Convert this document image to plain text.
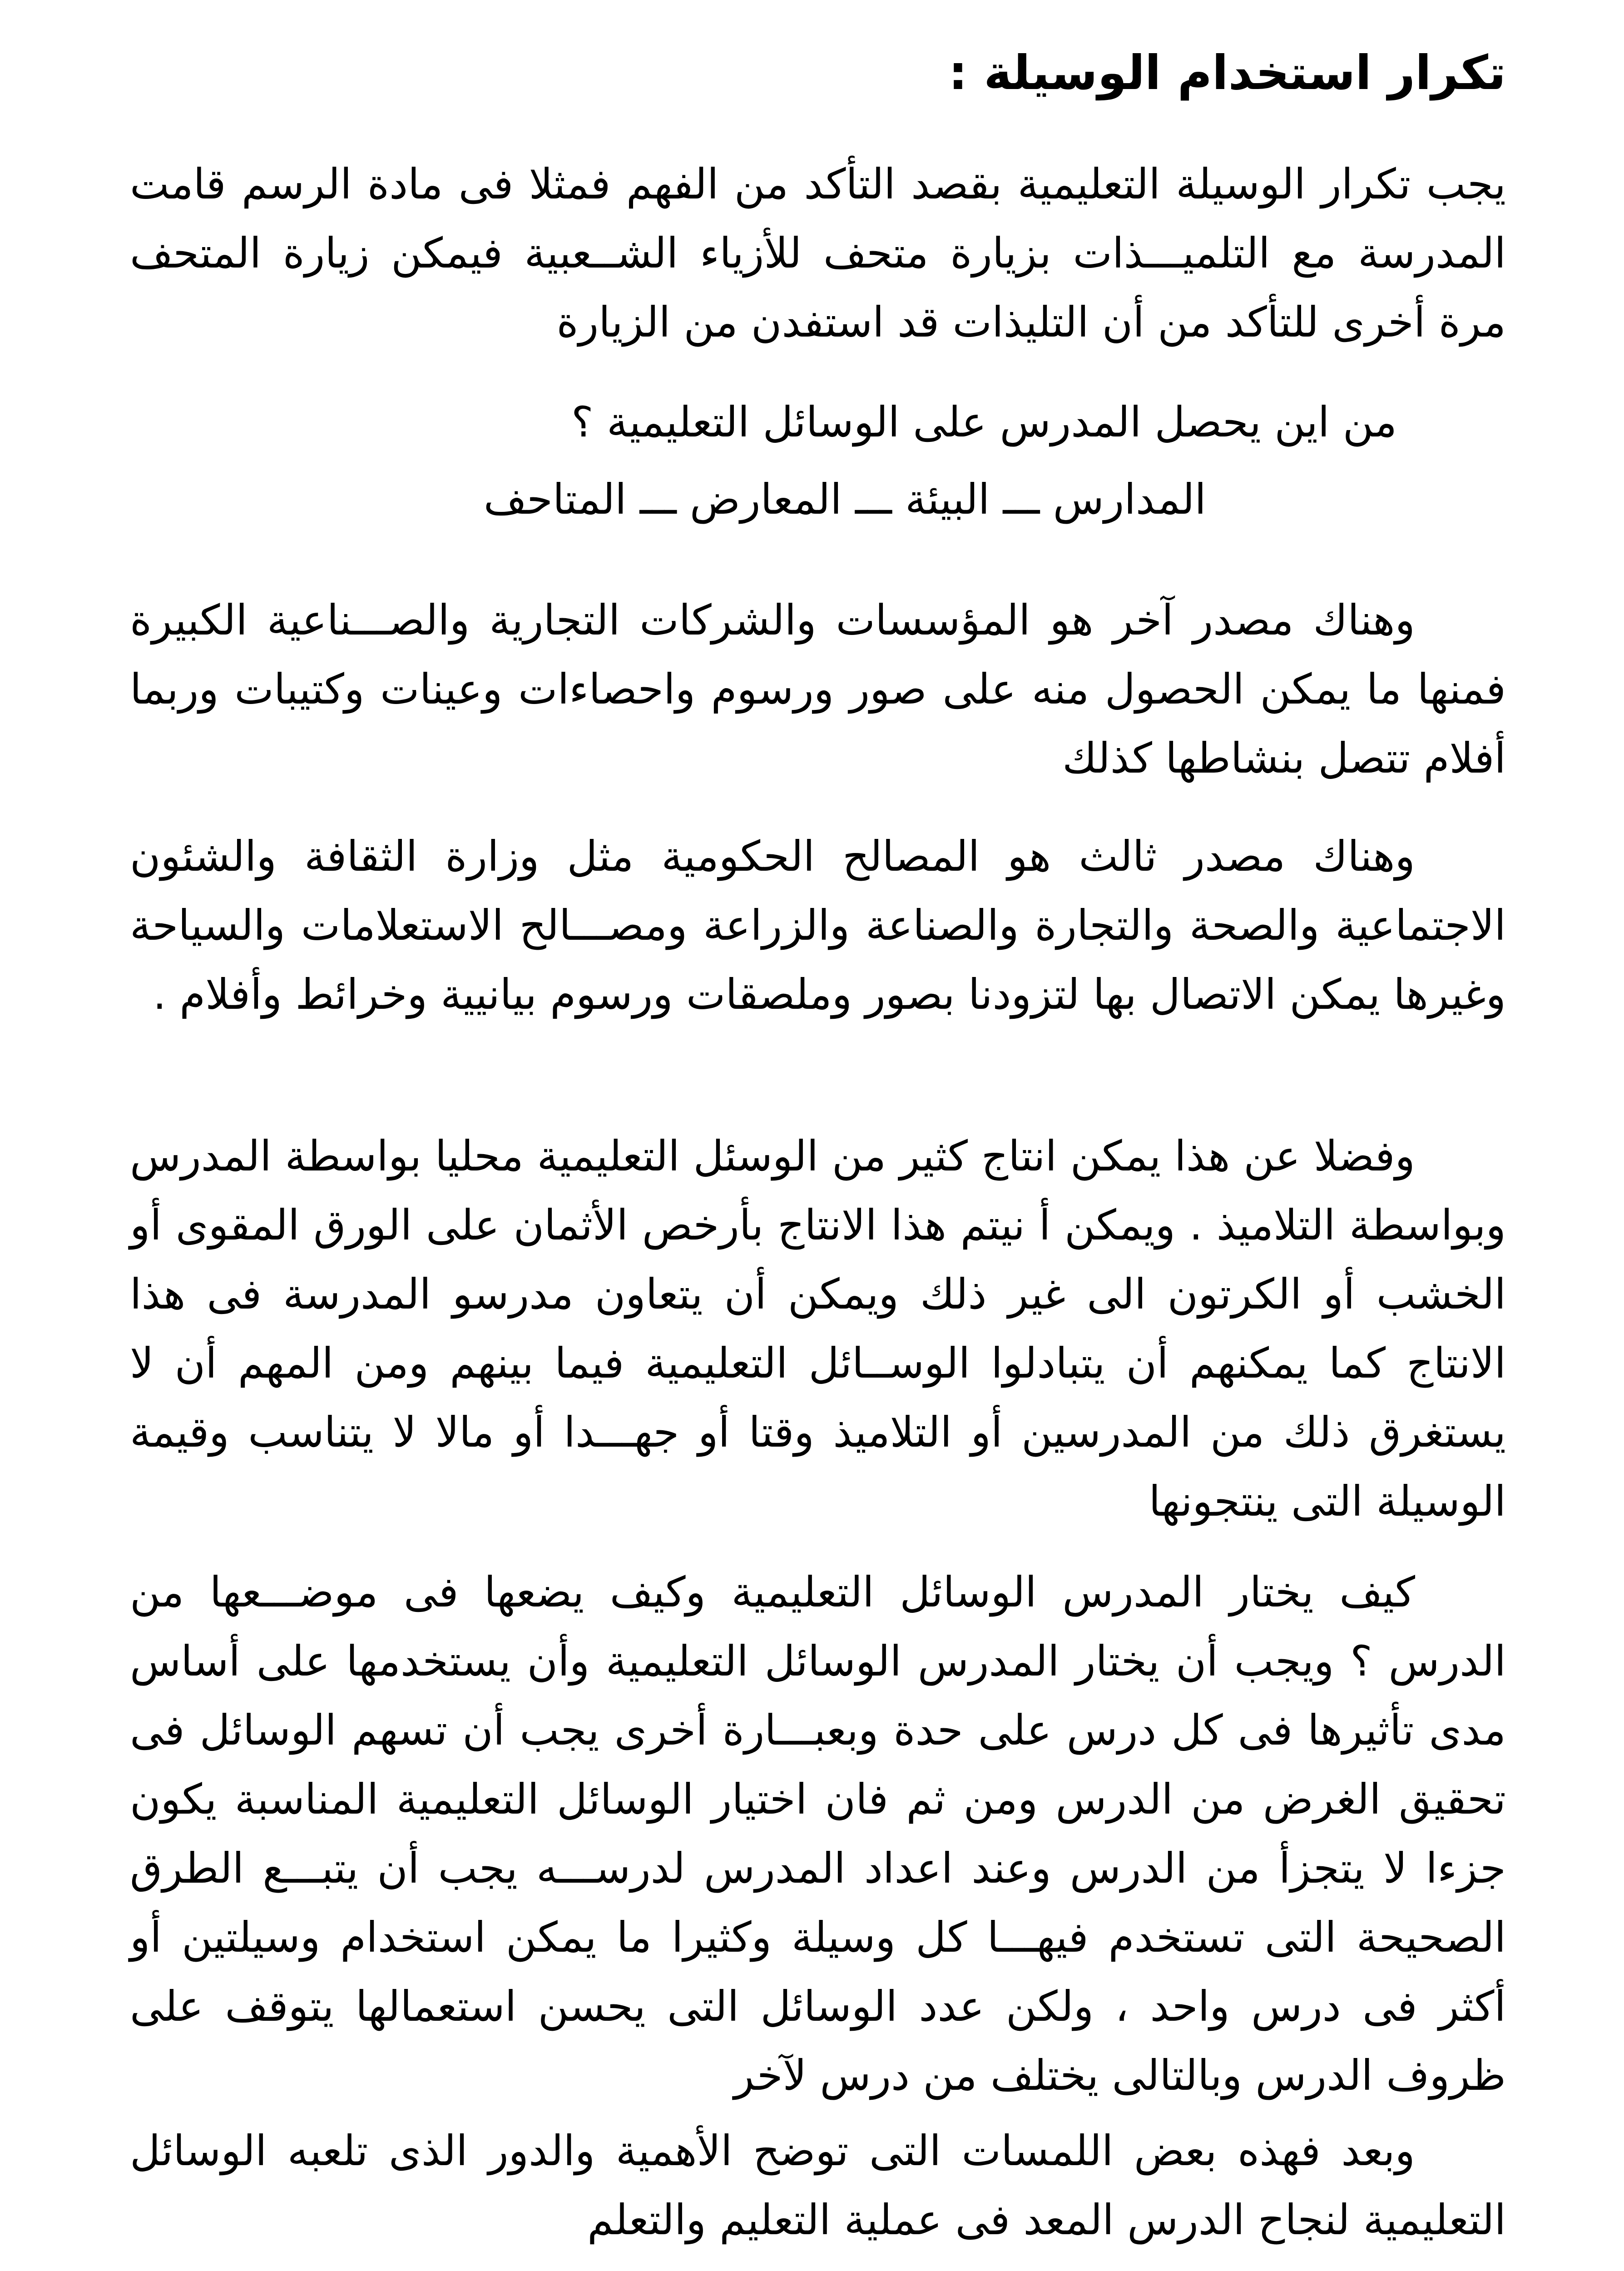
تكرار استخدام الوسيلة :
يجب تكرار الوسيلة التعليمية بقصد التأكد من الفهم فمثلا فى مادة الرسم قامت المدرسة مع التلميـــذات بزيارة متحف للأزياء الشــعبية فيمكن زيارة المتحف مرة أخرى للتأكد من أن التليذات قد استفدن من الزيارة
من اين يحصل المدرس على الوسائل التعليمية ؟
المدارس ـــ البيئة ـــ المعارض ـــ المتاحف
وهناك مصدر آخر هو المؤسسات والشركات التجارية والصـــناعية الكبيرة فمنها ما يمكن الحصول منه على صور ورسوم واحصاءات وعينات وكتيبات وربما أفلام تتصل بنشاطها كذلك
وهناك مصدر ثالث هو المصالح الحكومية مثل وزارة الثقافة والشئون الاجتماعية والصحة والتجارة والصناعة والزراعة ومصـــالح الاستعلامات والسياحة وغيرها يمكن الاتصال بها لتزودنا بصور وملصقات ورسوم بيانيية وخرائط وأفلام .
وفضلا عن هذا يمكن انتاج كثير من الوسئل التعليمية محليا بواسطة المدرس وبواسطة التلاميذ . ويمكن أ نيتم هذا الانتاج بأرخص الأثمان على الورق المقوى أو الخشب أو الكرتون الى غير ذلك ويمكن أن يتعاون مدرسو المدرسة فى هذا الانتاج كما يمكنهم أن يتبادلوا الوســائل التعليمية فيما بينهم ومن المهم أن لا يستغرق ذلك من المدرسين أو التلاميذ وقتا أو جهـــدا أو مالا لا يتناسب وقيمة الوسيلة التى ينتجونها
كيف يختار المدرس الوسائل التعليمية وكيف يضعها فى موضـــعها من الدرس ؟ ويجب أن يختار المدرس الوسائل التعليمية وأن يستخدمها على أساس مدى تأثيرها فى كل درس على حدة وبعبـــارة أخرى يجب أن تسهم الوسائل فى تحقيق الغرض من الدرس ومن ثم فان اختيار الوسائل التعليمية المناسبة يكون جزءا لا يتجزأ من الدرس وعند اعداد المدرس لدرســـه يجب أن يتبـــع الطرق الصحيحة التى تستخدم فيهـــا كل وسيلة وكثيرا ما يمكن استخدام وسيلتين أو أكثر فى درس واحد ، ولكن عدد الوسائل التى يحسن استعمالها يتوقف على ظروف الدرس وبالتالى يختلف من درس لآخر
وبعد فهذه بعض اللمسات التى توضح الأهمية والدور الذى تلعبه الوسائل التعليمية لنجاح الدرس المعد فى عملية التعليم والتعلم
